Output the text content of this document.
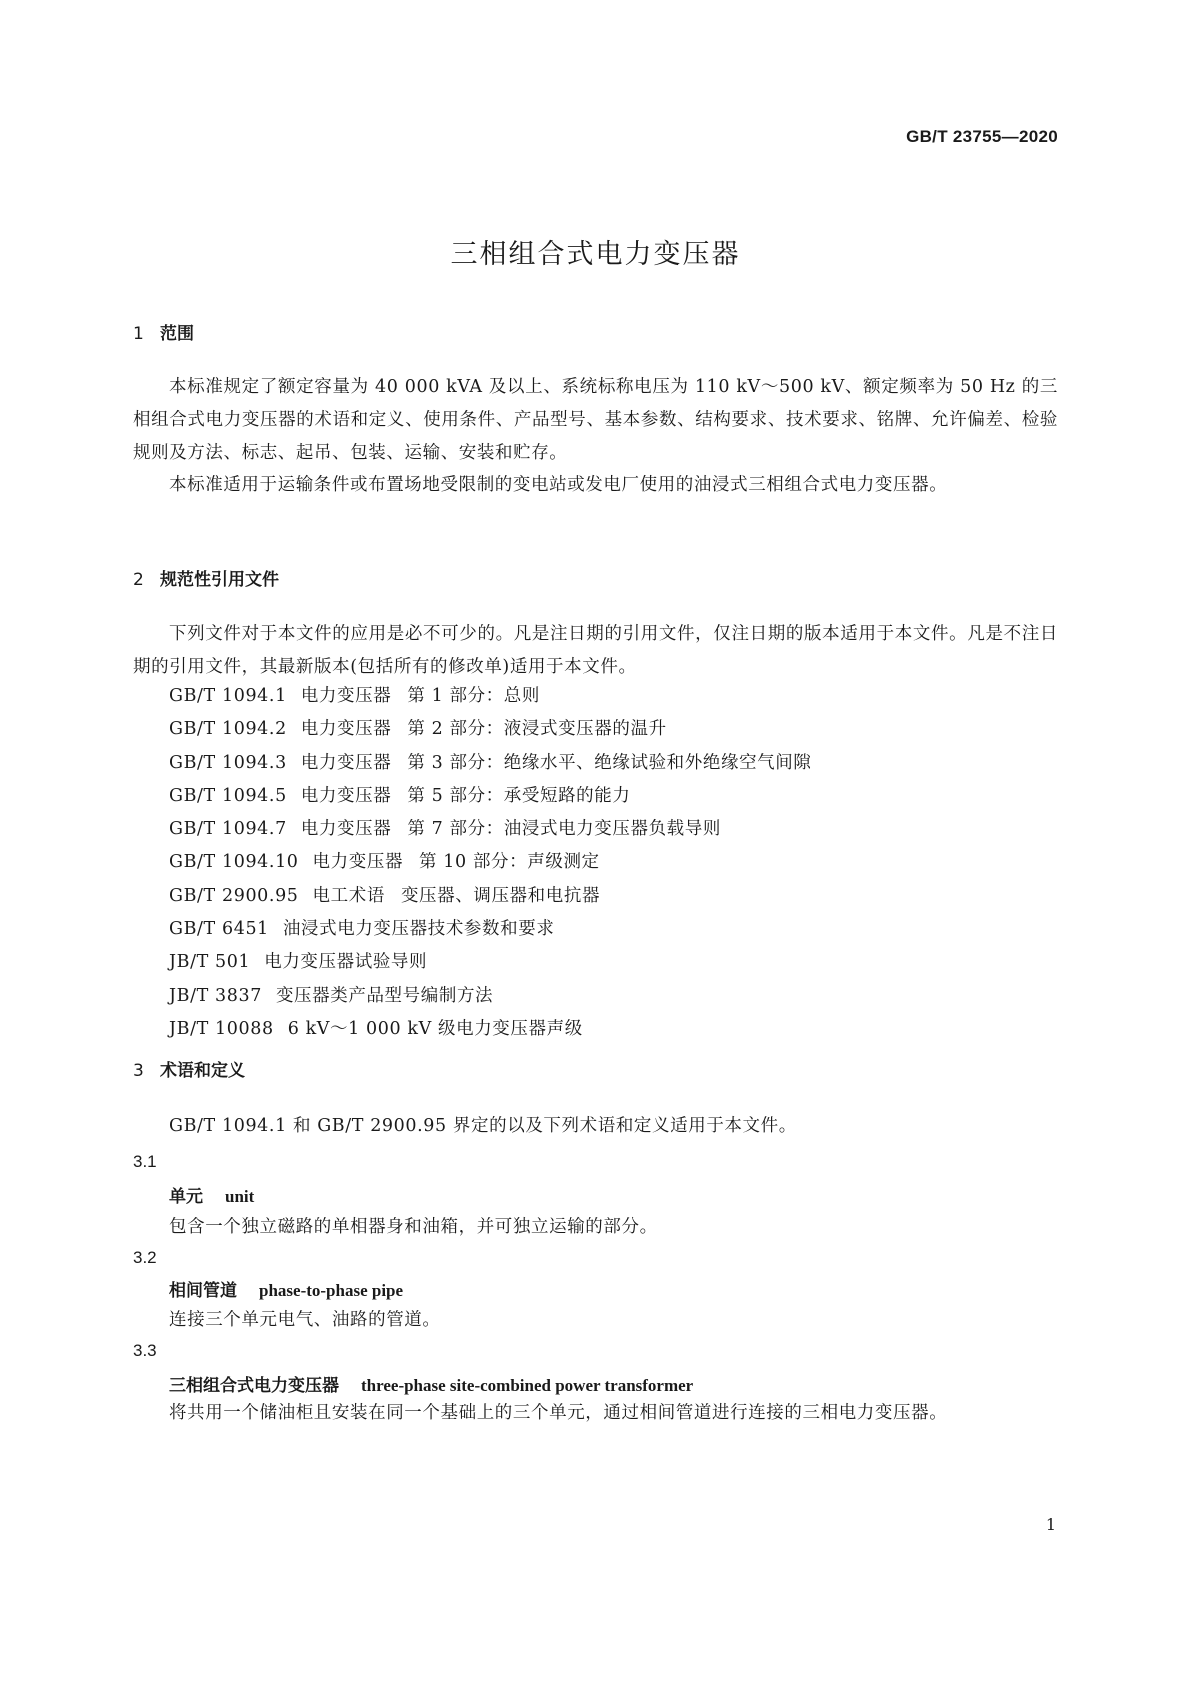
GB/T 23755—2020
三相组合式电力变压器
1 范围
本标准规定了额定容量为 40 000 kVA 及以上、系统标称电压为 110 kV～500 kV、额定频率为 50 Hz 的三相组合式电力变压器的术语和定义、使用条件、产品型号、基本参数、结构要求、技术要求、铭牌、允许偏差、检验规则及方法、标志、起吊、包装、运输、安装和贮存。
本标准适用于运输条件或布置场地受限制的变电站或发电厂使用的油浸式三相组合式电力变压器。
2 规范性引用文件
下列文件对于本文件的应用是必不可少的。凡是注日期的引用文件，仅注日期的版本适用于本文件。凡是不注日期的引用文件，其最新版本(包括所有的修改单)适用于本文件。
GB/T 1094.1 电力变压器 第 1 部分：总则
GB/T 1094.2 电力变压器 第 2 部分：液浸式变压器的温升
GB/T 1094.3 电力变压器 第 3 部分：绝缘水平、绝缘试验和外绝缘空气间隙
GB/T 1094.5 电力变压器 第 5 部分：承受短路的能力
GB/T 1094.7 电力变压器 第 7 部分：油浸式电力变压器负载导则
GB/T 1094.10 电力变压器 第 10 部分：声级测定
GB/T 2900.95 电工术语 变压器、调压器和电抗器
GB/T 6451 油浸式电力变压器技术参数和要求
JB/T 501 电力变压器试验导则
JB/T 3837 变压器类产品型号编制方法
JB/T 10088 6 kV～1 000 kV 级电力变压器声级
3 术语和定义
GB/T 1094.1 和 GB/T 2900.95 界定的以及下列术语和定义适用于本文件。
3.1
单元 unit
包含一个独立磁路的单相器身和油箱，并可独立运输的部分。
3.2
相间管道 phase-to-phase pipe
连接三个单元电气、油路的管道。
3.3
三相组合式电力变压器 three-phase site-combined power transformer
将共用一个储油柜且安装在同一个基础上的三个单元，通过相间管道进行连接的三相电力变压器。
1
